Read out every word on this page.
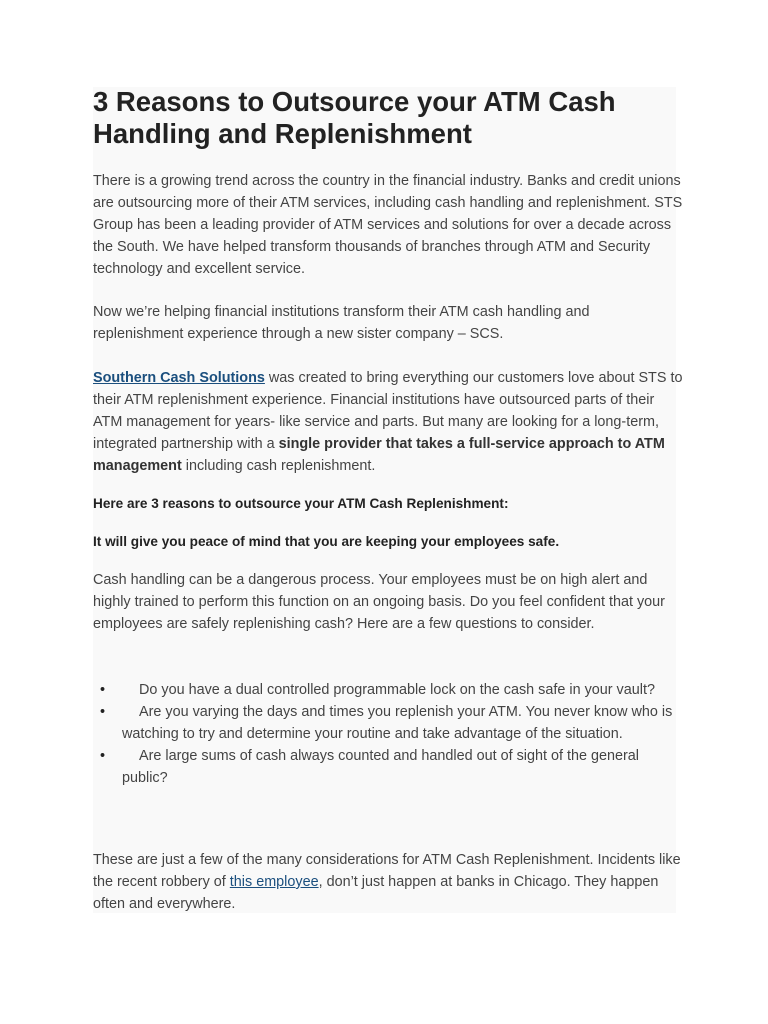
3 Reasons to Outsource your ATM Cash Handling and Replenishment

There is a growing trend across the country in the financial industry. Banks and credit unions are outsourcing more of their ATM services, including cash handling and replenishment. STS Group has been a leading provider of ATM services and solutions for over a decade across the South. We have helped transform thousands of branches through ATM and Security technology and excellent service.

Now we’re helping financial institutions transform their ATM cash handling and replenishment experience through a new sister company – SCS.

Southern Cash Solutions was created to bring everything our customers love about STS to their ATM replenishment experience. Financial institutions have outsourced parts of their ATM management for years- like service and parts. But many are looking for a long-term, integrated partnership with a single provider that takes a full-service approach to ATM management including cash replenishment.

Here are 3 reasons to outsource your ATM Cash Replenishment:

It will give you peace of mind that you are keeping your employees safe.

Cash handling can be a dangerous process. Your employees must be on high alert and highly trained to perform this function on an ongoing basis. Do you feel confident that your employees are safely replenishing cash? Here are a few questions to consider.

• Do you have a dual controlled programmable lock on the cash safe in your vault?
• Are you varying the days and times you replenish your ATM. You never know who is watching to try and determine your routine and take advantage of the situation.
• Are large sums of cash always counted and handled out of sight of the general public?

These are just a few of the many considerations for ATM Cash Replenishment. Incidents like the recent robbery of this employee, don’t just happen at banks in Chicago. They happen often and everywhere.
